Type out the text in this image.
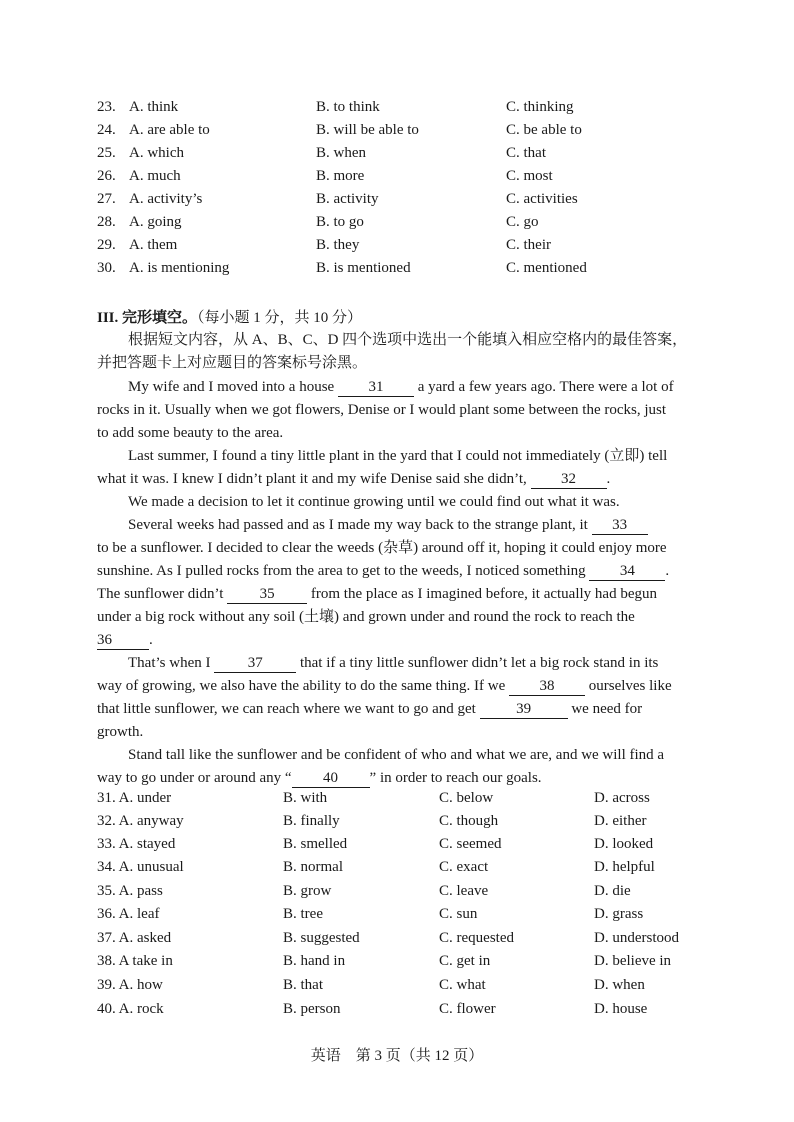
23. A. think	B. to think	C. thinking
24. A. are able to	B. will be able to	C. be able to
25. A. which	B. when	C. that
26. A. much	B. more	C. most
27. A. activity’s	B. activity	C. activities
28. A. going	B. to go	C. go
29. A. them	B. they	C. their
30. A. is mentioning	B. is mentioned	C. mentioned
III. 完形填空。（每小题 1 分，共 10 分）
根据短文内容，从 A、B、C、D 四个选项中选出一个能填入相应空格内的最佳答案，
并把答题卡上对应题目的答案标号涂黑。
My wife and I moved into a house 31 a yard a few years ago. There were a lot of
rocks in it. Usually when we got flowers, Denise or I would plant some between the rocks, just
to add some beauty to the area.
Last summer, I found a tiny little plant in the yard that I could not immediately (立即) tell
what it was. I knew I didn’t plant it and my wife Denise said she didn’t, 32 .
We made a decision to let it continue growing until we could find out what it was.
Several weeks had passed and as I made my way back to the strange plant, it 33
to be a sunflower. I decided to clear the weeds (杂草) around off it, hoping it could enjoy more
sunshine. As I pulled rocks from the area to get to the weeds, I noticed something 34 .
The sunflower didn’t 35 from the place as I imagined before, it actually had begun
under a big rock without any soil (土壤) and grown under and round the rock to reach the
36 .
That’s when I 37 that if a tiny little sunflower didn’t let a big rock stand in its
way of growing, we also have the ability to do the same thing. If we 38 ourselves like
that little sunflower, we can reach where we want to go and get	39	we need for
growth.
Stand tall like the sunflower and be confident of who and what we are, and we will find a
way to go under or around any “ 40 ” in order to reach our goals.
31. A. under	B. with	C. below	D. across
32. A. anyway	B. finally	C. though	D. either
33. A. stayed	B. smelled	C. seemed	D. looked
34. A. unusual	B. normal	C. exact	D. helpful
35. A. pass	B. grow	C. leave	D. die
36. A. leaf	B. tree	C. sun	D. grass
37. A. asked	B. suggested	C. requested	D. understood
38. A take in	B. hand in	C. get in	D. believe in
39. A. how	B. that	C. what	D. when
40. A. rock	B. person	C. flower	D. house
英语　第 3 页（共 12 页）
